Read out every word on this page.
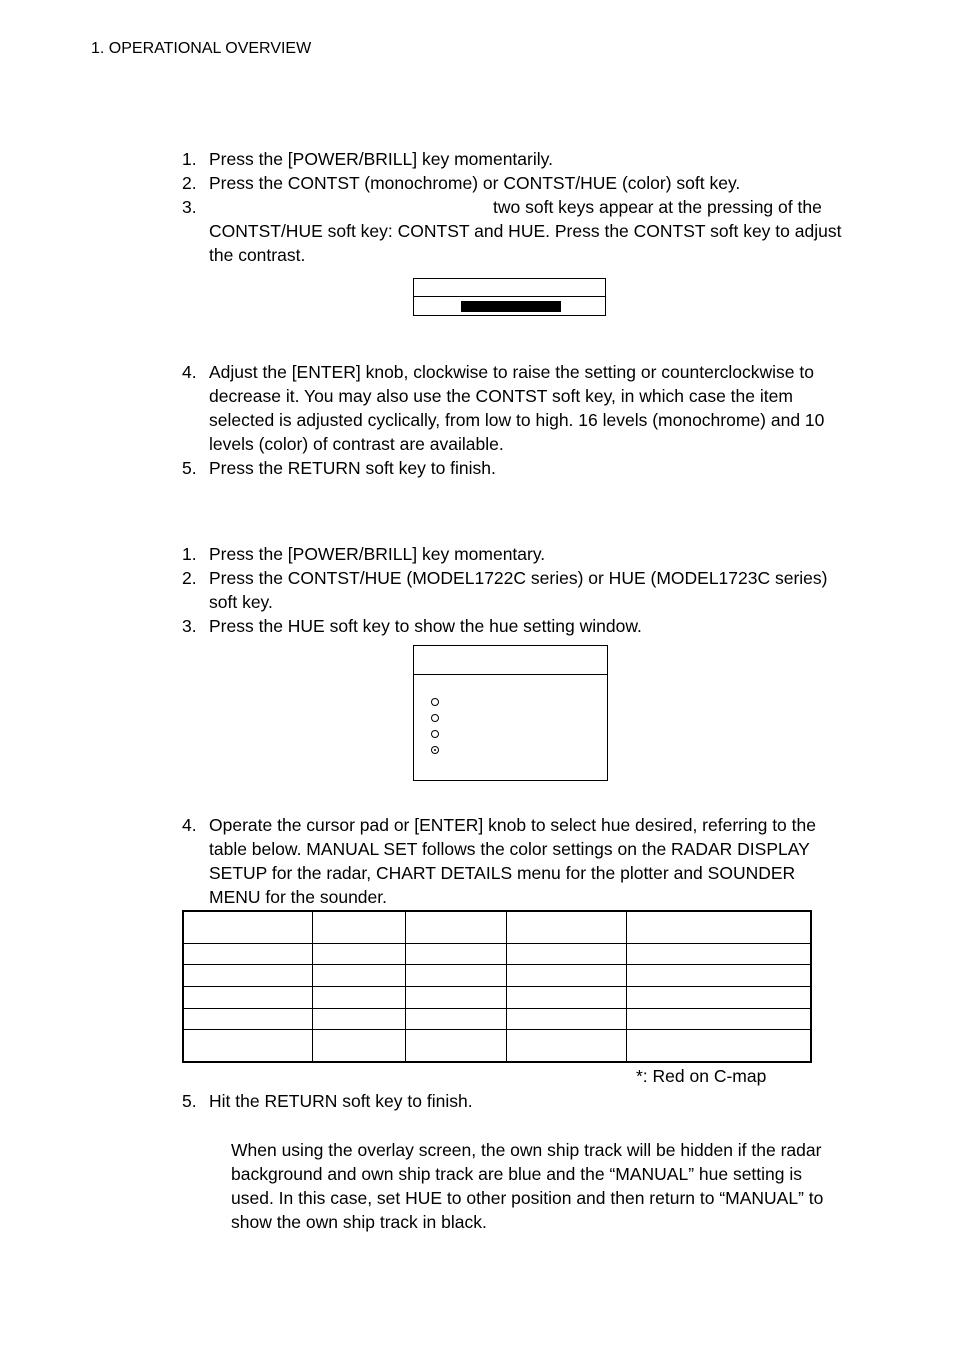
1. OPERATIONAL OVERVIEW
1. Press the [POWER/BRILL] key momentarily.
2. Press the CONTST (monochrome) or CONTST/HUE (color) soft key.
3.	two soft keys appear at the pressing of the CONTST/HUE soft key: CONTST and HUE. Press the CONTST soft key to adjust the contrast.
4. Adjust the [ENTER] knob, clockwise to raise the setting or counterclockwise to decrease it. You may also use the CONTST soft key, in which case the item selected is adjusted cyclically, from low to high. 16 levels (monochrome) and 10 levels (color) of contrast are available.
5. Press the RETURN soft key to finish.
1. Press the [POWER/BRILL] key momentary.
2. Press the CONTST/HUE (MODEL1722C series) or HUE (MODEL1723C series) soft key.
3. Press the HUE soft key to show the hue setting window.
4. Operate the cursor pad or [ENTER] knob to select hue desired, referring to the table below. MANUAL SET follows the color settings on the RADAR DISPLAY SETUP for the radar, CHART DETAILS menu for the plotter and SOUNDER MENU for the sounder.

*: Red on C-map
5. Hit the RETURN soft key to finish.
When using the overlay screen, the own ship track will be hidden if the radar background and own ship track are blue and the “MANUAL” hue setting is used. In this case, set HUE to other position and then return to “MANUAL” to show the own ship track in black.
